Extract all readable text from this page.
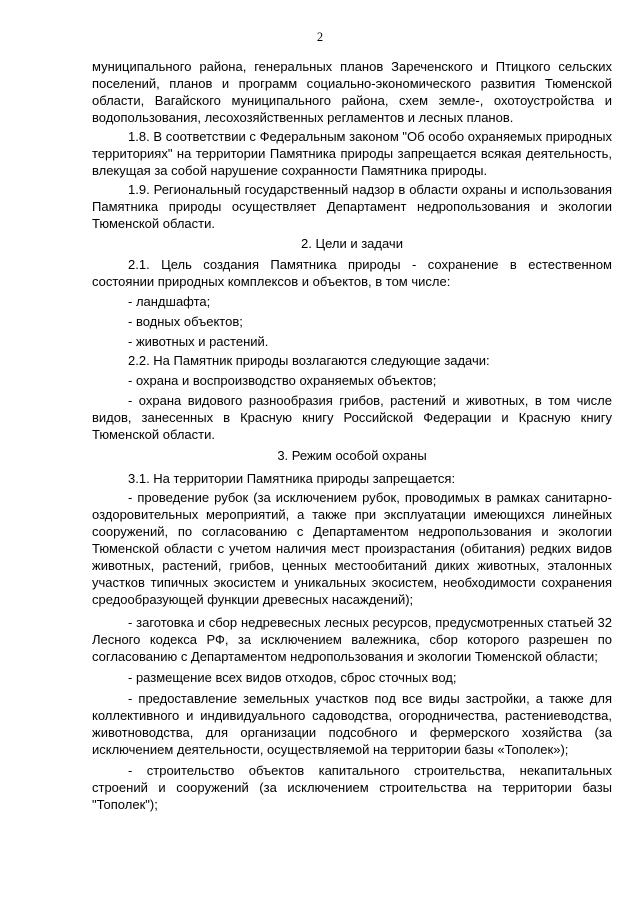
2

муниципального района, генеральных планов Зареченского и Птицкого сельских поселений, планов и программ социально-экономического развития Тюменской области, Вагайского муниципального района, схем земле-, охотоустройства и водопользования, лесохозяйственных регламентов и лесных планов.

1.8. В соответствии с Федеральным законом "Об особо охраняемых природных территориях" на территории Памятника природы запрещается всякая деятельность, влекущая за собой нарушение сохранности Памятника природы.

1.9. Региональный государственный надзор в области охраны и использования Памятника природы осуществляет Департамент недропользования и экологии Тюменской области.

2. Цели и задачи

2.1. Цель создания Памятника природы - сохранение в естественном состоянии природных комплексов и объектов, в том числе:

- ландшафта;

- водных объектов;

- животных и растений.

2.2. На Памятник природы возлагаются следующие задачи:

- охрана и воспроизводство охраняемых объектов;

- охрана видового разнообразия грибов, растений и животных, в том числе видов, занесенных в Красную книгу Российской Федерации и Красную книгу Тюменской области.

3. Режим особой охраны

3.1. На территории Памятника природы запрещается:

- проведение рубок (за исключением рубок, проводимых в рамках санитарно-оздоровительных мероприятий, а также при эксплуатации имеющихся линейных сооружений, по согласованию с Департаментом недропользования и экологии Тюменской области с учетом наличия мест произрастания (обитания) редких видов животных, растений, грибов, ценных местообитаний диких животных, эталонных участков типичных экосистем и уникальных экосистем, необходимости сохранения средообразующей функции древесных насаждений);

- заготовка и сбор недревесных лесных ресурсов, предусмотренных статьей 32 Лесного кодекса РФ, за исключением валежника, сбор которого разрешен по согласованию с Департаментом недропользования и экологии Тюменской области;

- размещение всех видов отходов, сброс сточных вод;

- предоставление земельных участков под все виды застройки, а также для коллективного и индивидуального садоводства, огородничества, растениеводства, животноводства, для организации подсобного и фермерского хозяйства (за исключением деятельности, осуществляемой на территории базы «Тополек»);

- строительство объектов капитального строительства, некапитальных строений и сооружений (за исключением строительства на территории базы "Тополек");
